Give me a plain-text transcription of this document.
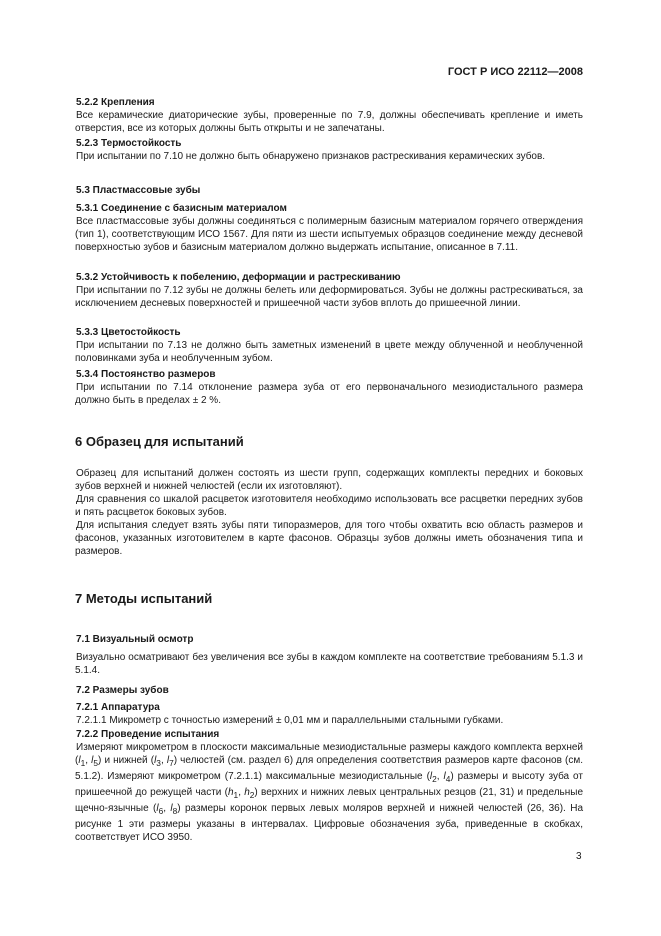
ГОСТ Р ИСО 22112—2008
5.2.2 Крепления
Все керамические диаторические зубы, проверенные по 7.9, должны обеспечивать крепление и иметь отверстия, все из которых должны быть открыты и не запечатаны.
5.2.3 Термостойкость
При испытании по 7.10 не должно быть обнаружено признаков растрескивания керамических зубов.
5.3 Пластмассовые зубы
5.3.1 Соединение с базисным материалом
Все пластмассовые зубы должны соединяться с полимерным базисным материалом горячего отверждения (тип 1), соответствующим ИСО 1567. Для пяти из шести испытуемых образцов соединение между десневой поверхностью зубов и базисным материалом должно выдержать испытание, описанное в 7.11.
5.3.2 Устойчивость к побелению, деформации и растрескиванию
При испытании по 7.12 зубы не должны белеть или деформироваться. Зубы не должны растрескиваться, за исключением десневых поверхностей и пришеечной части зубов вплоть до пришеечной линии.
5.3.3 Цветостойкость
При испытании по 7.13 не должно быть заметных изменений в цвете между облученной и необлученной половинками зуба и необлученным зубом.
5.3.4 Постоянство размеров
При испытании по 7.14 отклонение размера зуба от его первоначального мезиодистального размера должно быть в пределах ± 2 %.
6 Образец для испытаний
Образец для испытаний должен состоять из шести групп, содержащих комплекты передних и боковых зубов верхней и нижней челюстей (если их изготовляют).
Для сравнения со шкалой расцветок изготовителя необходимо использовать все расцветки передних зубов и пять расцветок боковых зубов.
Для испытания следует взять зубы пяти типоразмеров, для того чтобы охватить всю область размеров и фасонов, указанных изготовителем в карте фасонов. Образцы зубов должны иметь обозначения типа и размеров.
7 Методы испытаний
7.1 Визуальный осмотр
Визуально осматривают без увеличения все зубы в каждом комплекте на соответствие требованиям 5.1.3 и 5.1.4.
7.2 Размеры зубов
7.2.1 Аппаратура
7.2.1.1 Микрометр с точностью измерений ± 0,01 мм и параллельными стальными губками.
7.2.2 Проведение испытания
Измеряют микрометром в плоскости максимальные мезиодистальные размеры каждого комплекта верхней ($l_1$, $l_5$) и нижней ($l_3$, $l_7$) челюстей (см. раздел 6) для определения соответствия размеров карте фасонов (см. 5.1.2). Измеряют микрометром (7.2.1.1) максимальные мезиодистальные ($l_2$, $l_4$) размеры и высоту зуба от пришеечной до режущей части ($h_1$, $h_2$) верхних и нижних левых центральных резцов (21, 31) и предельные щечно-язычные ($l_6$, $l_8$) размеры коронок первых левых моляров верхней и нижней челюстей (26, 36). На рисунке 1 эти размеры указаны в интервалах. Цифровые обозначения зуба, приведенные в скобках, соответствует ИСО 3950.
3
